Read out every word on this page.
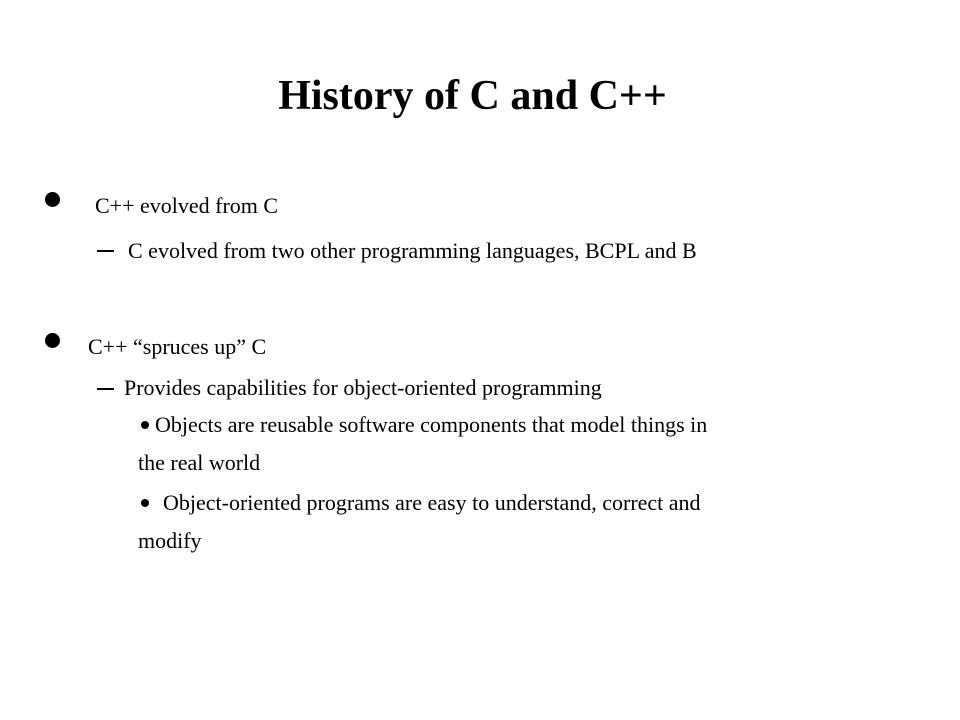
History of C and C++
C++ evolved from C
C evolved from two other programming languages, BCPL and B
C++ “spruces up” C
Provides capabilities for object-oriented programming
Objects are reusable software components that model things in
the real world
Object-oriented programs are easy to understand, correct and
modify
